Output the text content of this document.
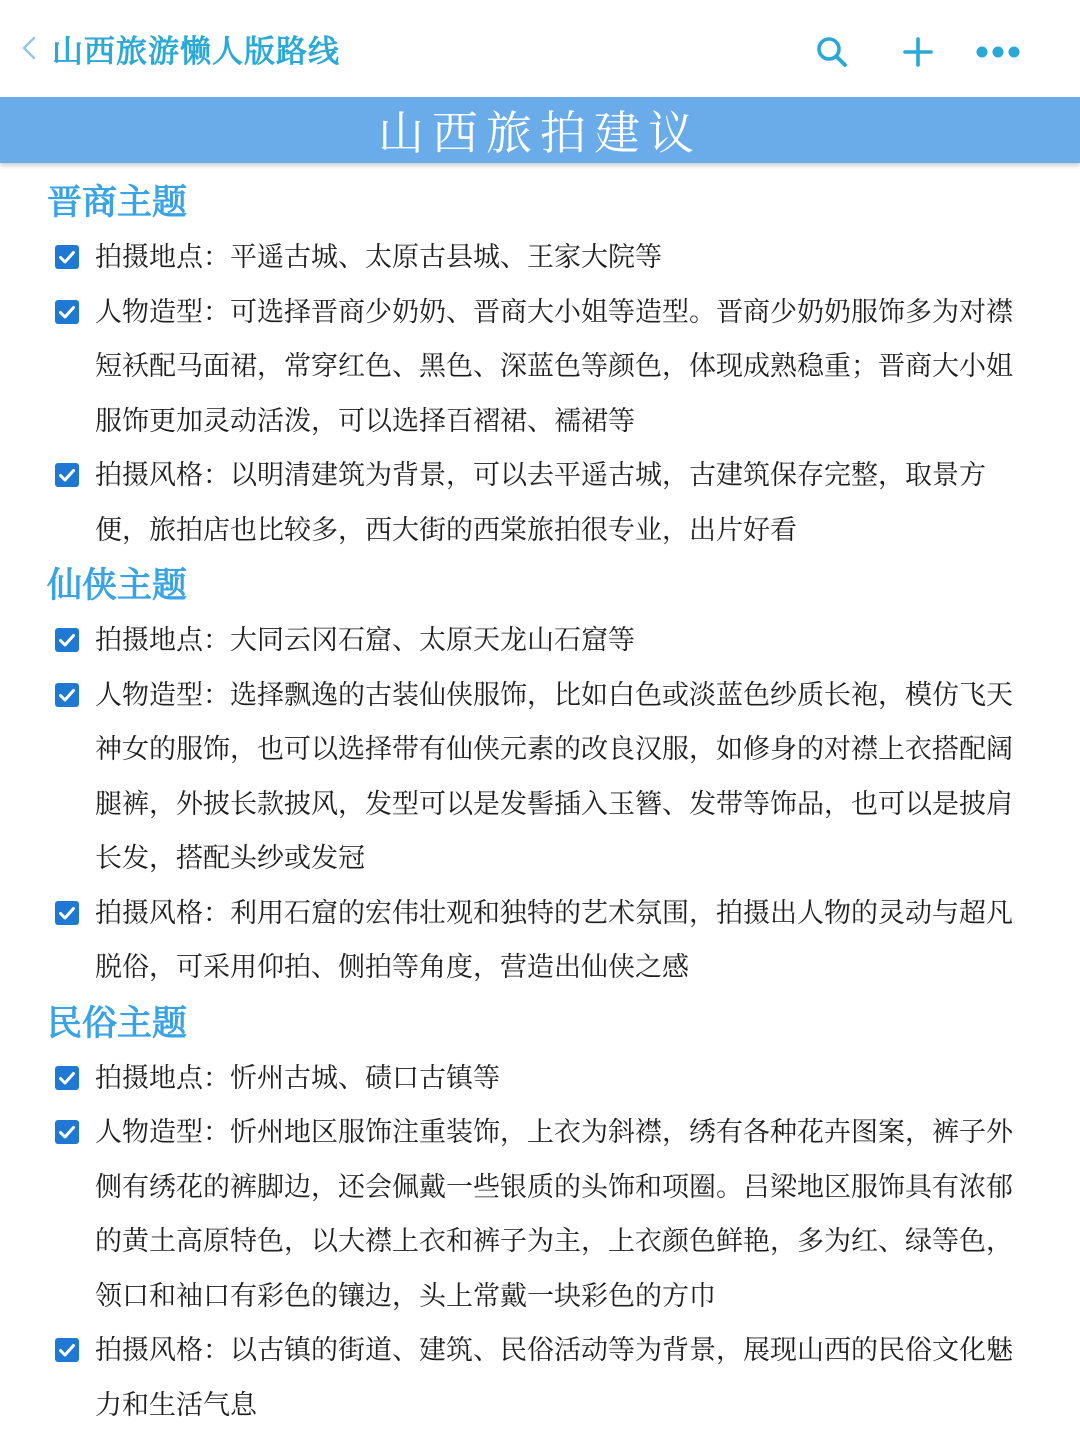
山西旅游懒人版路线
山西旅拍建议
晋商主题
拍摄地点：平遥古城、太原古县城、王家大院等
人物造型：可选择晋商少奶奶、晋商大小姐等造型。晋商少奶奶服饰多为对襟短袄配马面裙，常穿红色、黑色、深蓝色等颜色，体现成熟稳重；晋商大小姐服饰更加灵动活泼，可以选择百褶裙、襦裙等
拍摄风格：以明清建筑为背景，可以去平遥古城，古建筑保存完整，取景方便，旅拍店也比较多，西大街的西棠旅拍很专业，出片好看
仙侠主题
拍摄地点：大同云冈石窟、太原天龙山石窟等
人物造型：选择飘逸的古装仙侠服饰，比如白色或淡蓝色纱质长袍，模仿飞天神女的服饰，也可以选择带有仙侠元素的改良汉服，如修身的对襟上衣搭配阔腿裤，外披长款披风，发型可以是发髻插入玉簪、发带等饰品，也可以是披肩长发，搭配头纱或发冠
拍摄风格：利用石窟的宏伟壮观和独特的艺术氛围，拍摄出人物的灵动与超凡脱俗，可采用仰拍、侧拍等角度，营造出仙侠之感
民俗主题
拍摄地点：忻州古城、碛口古镇等
人物造型：忻州地区服饰注重装饰，上衣为斜襟，绣有各种花卉图案，裤子外侧有绣花的裤脚边，还会佩戴一些银质的头饰和项圈。吕梁地区服饰具有浓郁的黄土高原特色，以大襟上衣和裤子为主，上衣颜色鲜艳，多为红、绿等色，领口和袖口有彩色的镶边，头上常戴一块彩色的方巾
拍摄风格：以古镇的街道、建筑、民俗活动等为背景，展现山西的民俗文化魅力和生活气息
